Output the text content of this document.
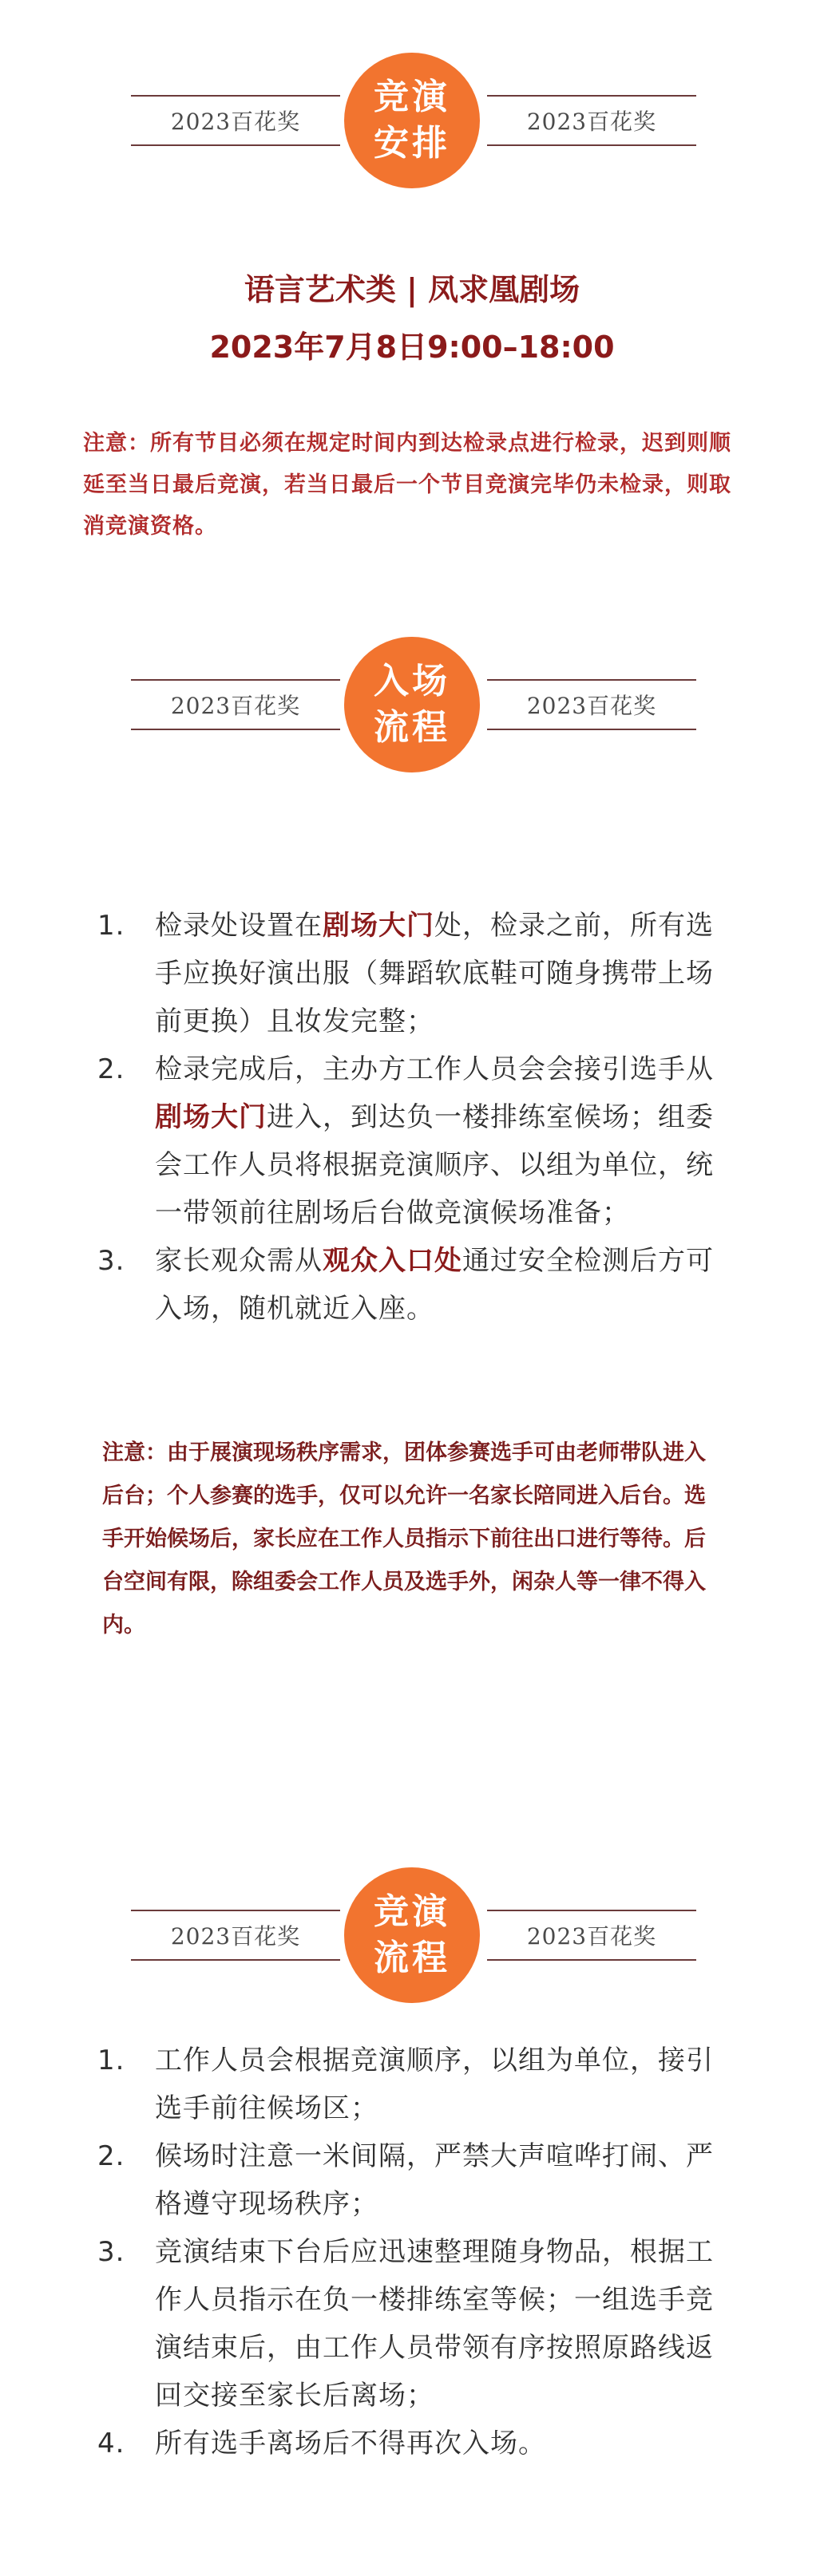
2023百花奖
竞演
安排
2023百花奖
语言艺术类 | 凤求凰剧场
2023年7月8日9:00–18:00
注意：所有节目必须在规定时间内到达检录点进行检录，迟到则顺延至当日最后竞演，若当日最后一个节目竞演完毕仍未检录，则取消竞演资格。
2023百花奖
入场
流程
2023百花奖
1.	检录处设置在剧场大门处，检录之前，所有选手应换好演出服（舞蹈软底鞋可随身携带上场前更换）且妆发完整；
2.	检录完成后，主办方工作人员会会接引选手从剧场大门进入，到达负一楼排练室候场；组委会工作人员将根据竞演顺序、以组为单位，统一带领前往剧场后台做竞演候场准备；
3.	家长观众需从观众入口处通过安全检测后方可入场，随机就近入座。
注意：由于展演现场秩序需求，团体参赛选手可由老师带队进入后台；个人参赛的选手，仅可以允许一名家长陪同进入后台。选手开始候场后，家长应在工作人员指示下前往出口进行等待。后台空间有限，除组委会工作人员及选手外，闲杂人等一律不得入内。
2023百花奖
竞演
流程
2023百花奖
1.	工作人员会根据竞演顺序，以组为单位，接引选手前往候场区；
2.	候场时注意一米间隔，严禁大声喧哗打闹、严格遵守现场秩序；
3.	竞演结束下台后应迅速整理随身物品，根据工作人员指示在负一楼排练室等候；一组选手竞演结束后，由工作人员带领有序按照原路线返回交接至家长后离场；
4.	所有选手离场后不得再次入场。
